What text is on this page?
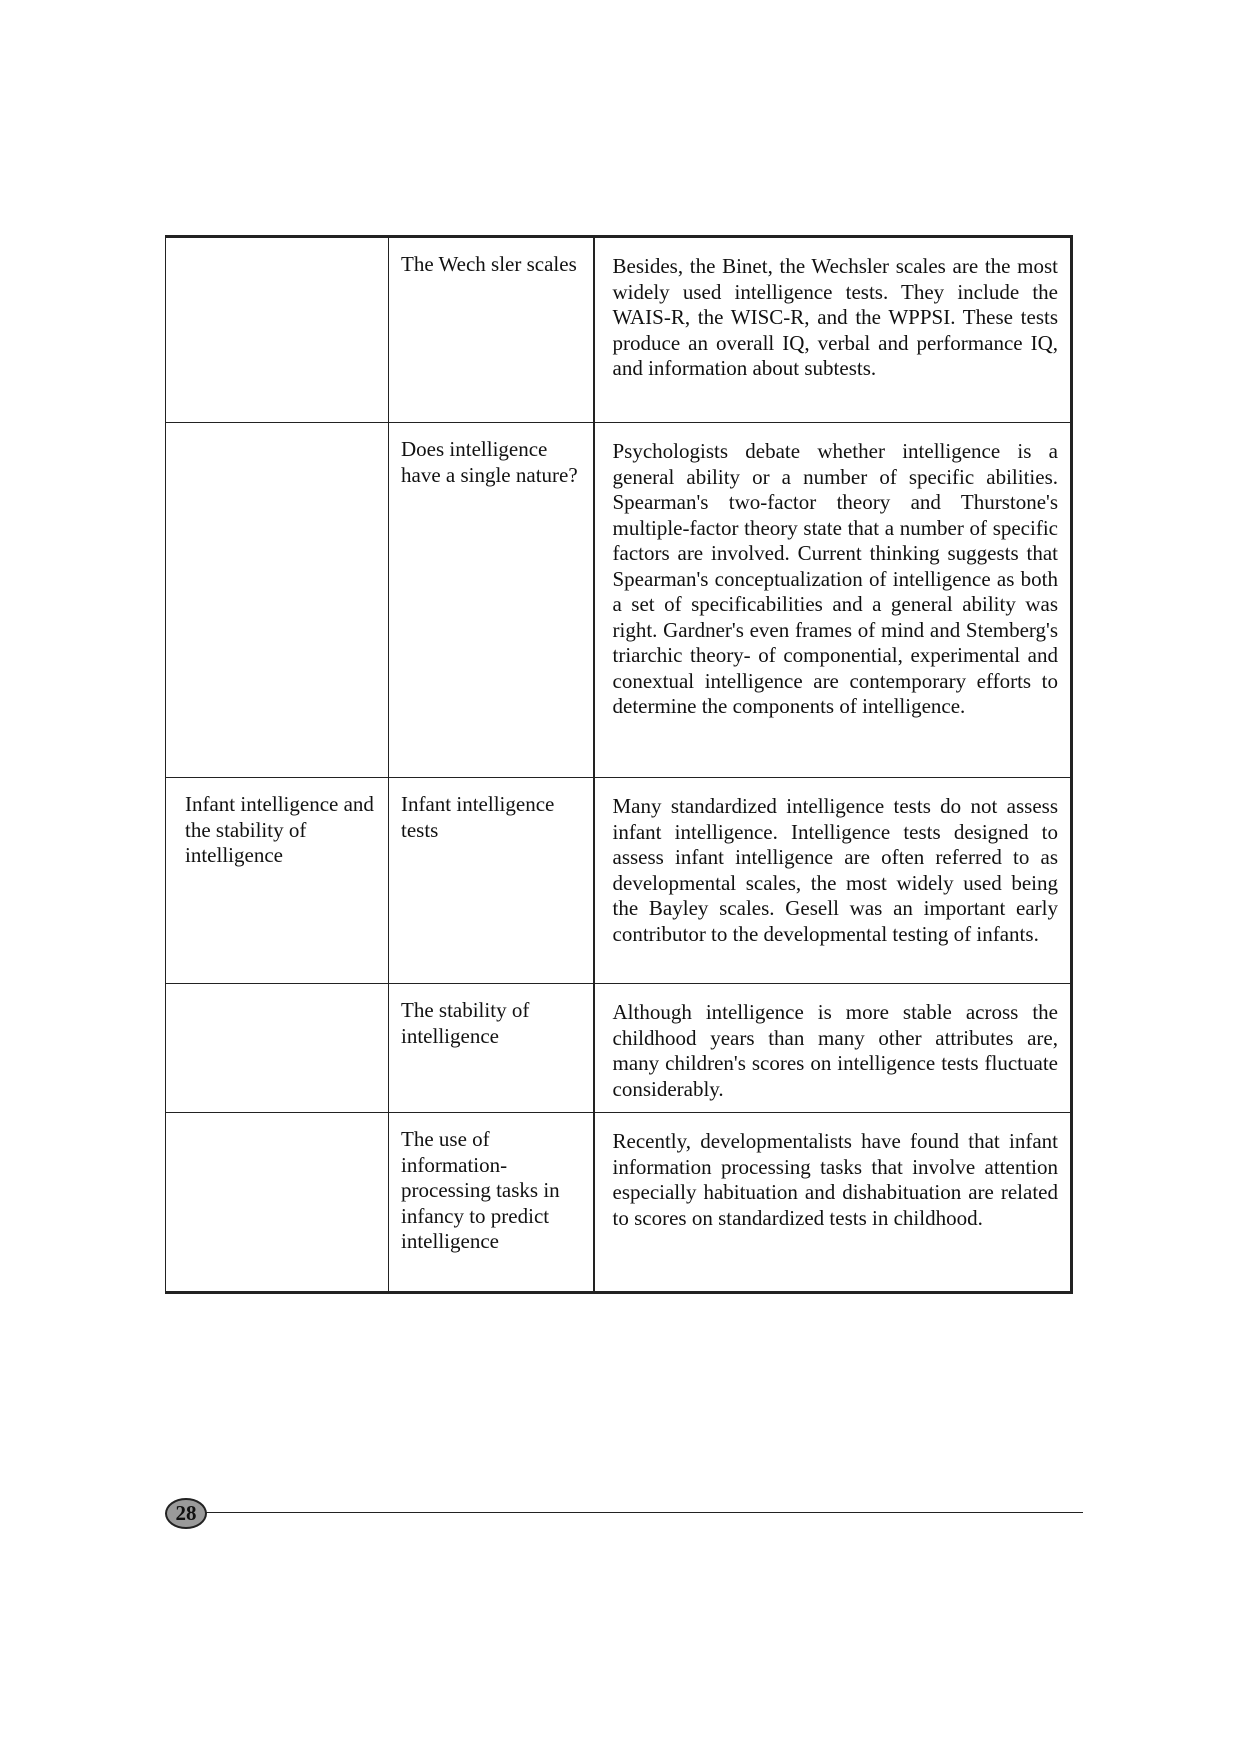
	The Wech sler scales	Besides, the Binet, the Wechsler scales are the most widely used intelligence tests. They include the WAIS-R, the WISC-R, and the WPPSI. These tests produce an overall IQ, verbal and performance IQ, and information about subtests.
	Does intelligence have a single nature?	Psychologists debate whether intelligence is a general ability or a number of specific abilities. Spearman's two-factor theory and Thurstone's multiple-factor theory state that a number of specific factors are involved. Current thinking suggests that Spearman's conceptualization of intelligence as both a set of specificabilities and a general ability was right. Gardner's even frames of mind and Stemberg's triarchic theory- of componential, experimental and conextual intelligence are contemporary efforts to determine the components of intelligence.
Infant intelligence and the stability of intelligence	Infant intelligence tests	Many standardized intelligence tests do not assess infant intelligence. Intelligence tests designed to assess infant intelligence are often referred to as developmental scales, the most widely used being the Bayley scales. Gesell was an important early contributor to the developmental testing of infants.
	The stability of intelligence	Although intelligence is more stable across the childhood years than many other attributes are, many children's scores on intelligence tests fluctuate considerably.
	The use of information-processing tasks in infancy to predict intelligence	Recently, developmentalists have found that infant information processing tasks that involve attention especially habituation and dishabituation are related to scores on standardized tests in childhood.
28
